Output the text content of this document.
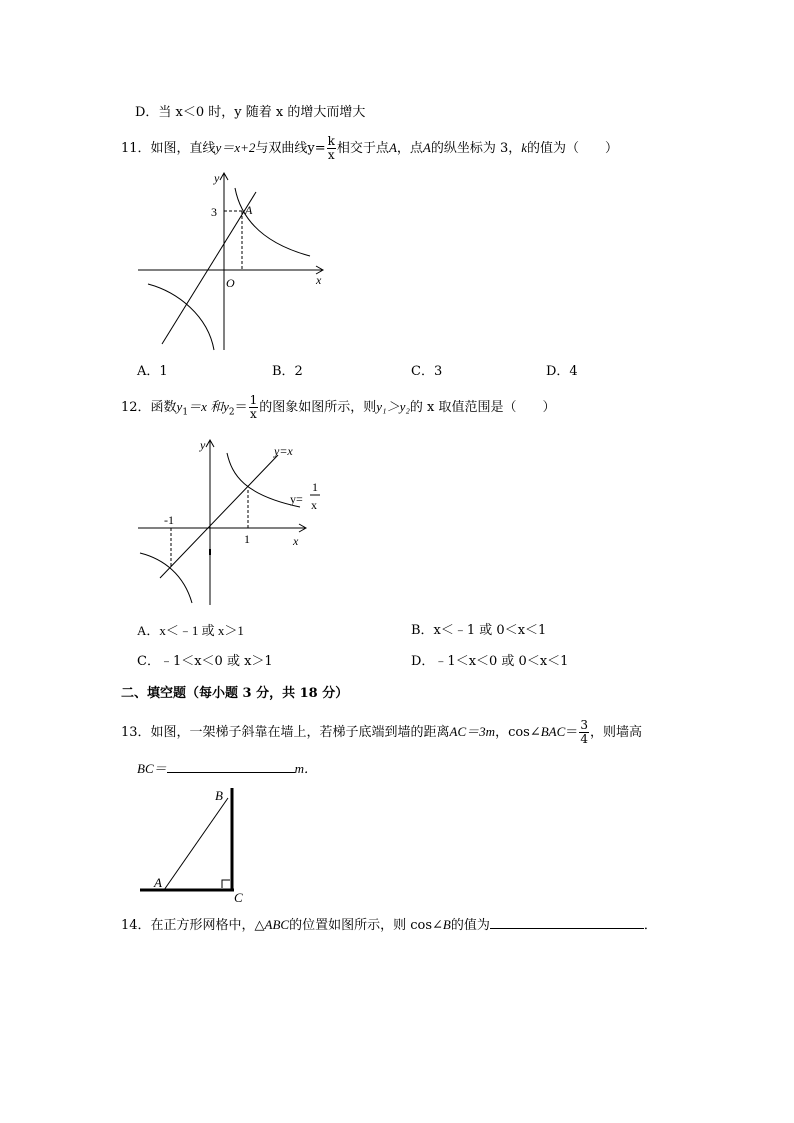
D．当 x＜0 时，y 随着 x 的增大而增大
11．如图，直线y＝x+2与双曲线$y= \frac{k}{x}$ 相交于点A，点A的纵坐标为 3，k的值为（　　）
y
x
O
3 A
A．1	B．2	C．3	D．4
12．函数$y_1=x$ 和$y_2= \frac{1}{x}$ 的图象如图所示，则y₁＞y₂的 x 取值范围是（　　）
y
x
-1
1
y=x
y=
1
x
A．x＜﹣1 或 x＞1	B．x＜﹣1 或 0＜x＜1
C．﹣1＜x＜0 或 x＞1	D．﹣1＜x＜0 或 0＜x＜1
二、填空题（每小题 3 分，共 18 分）
13．如图，一架梯子斜靠在墙上，若梯子底端到墙的距离AC＝3m，cos∠BAC＝ $\frac{3}{4}$ ，则墙高
BC＝	m．
A
B
C
14．在正方形网格中，△ABC的位置如图所示，则 cos∠B的值为	．
